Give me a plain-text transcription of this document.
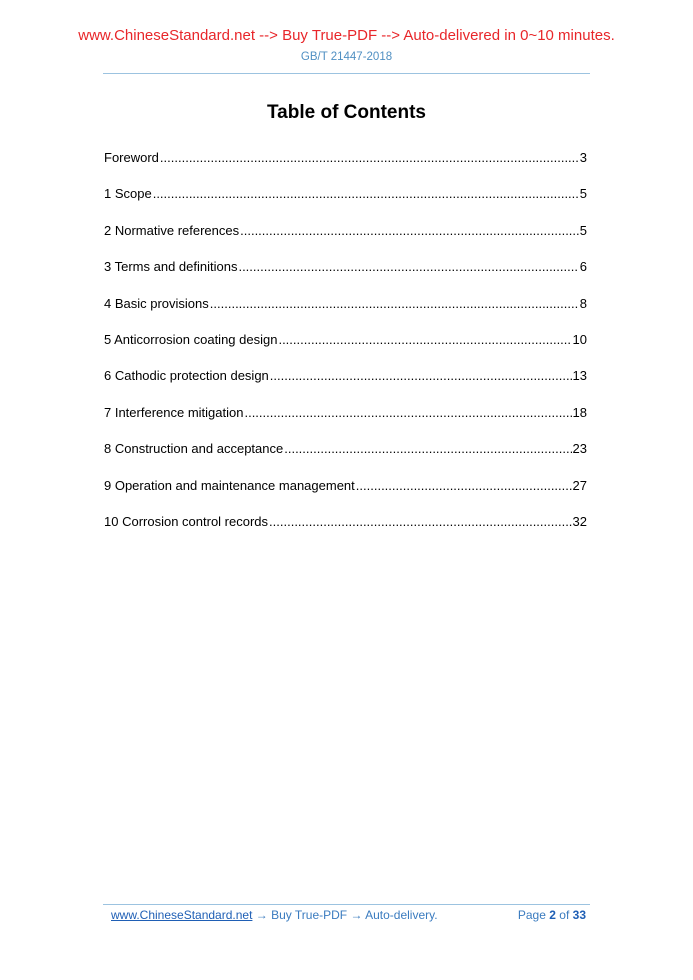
www.ChineseStandard.net --> Buy True-PDF --> Auto-delivered in 0~10 minutes.
GB/T 21447-2018
Table of Contents
Foreword .....	3
1 Scope .....	5
2 Normative references .....	5
3 Terms and definitions .....	6
4 Basic provisions .....	8
5 Anticorrosion coating design .....	10
6 Cathodic protection design .....	13
7 Interference mitigation .....	18
8 Construction and acceptance .....	23
9 Operation and maintenance management .....	27
10 Corrosion control records .....	32
www.ChineseStandard.net → Buy True-PDF → Auto-delivery.	Page 2 of 33
